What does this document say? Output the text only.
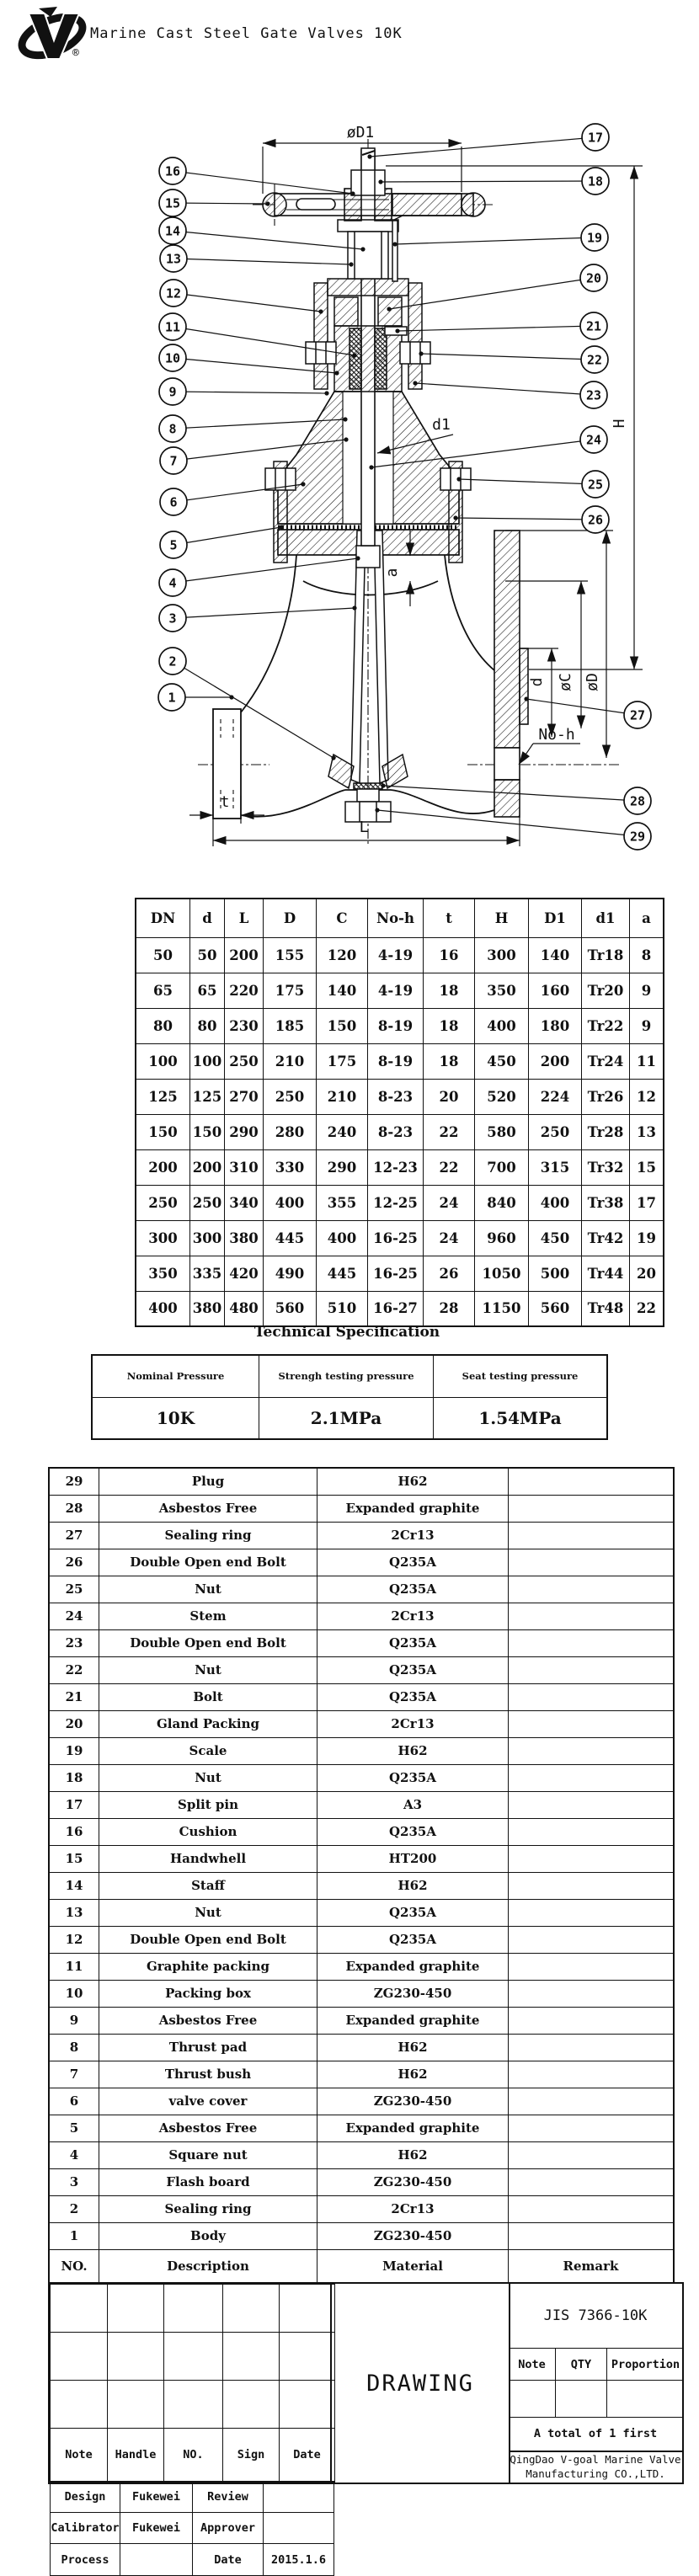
®
Marine Cast Steel Gate Valves 10K
øD1
H
d1
a
d øC øD
No-h
L
t
16
15
14
13
12
11
10
9
8
7
6
5
4
3
2
1
17
18
19
20
21
22
23
24
25
26
27
28
29
DN	d	L	D	C	No-h	t	H	D1	d1	a
50	50	200	155	120	4-19	16	300	140	Tr18	8
65	65	220	175	140	4-19	18	350	160	Tr20	9
80	80	230	185	150	8-19	18	400	180	Tr22	9
100	100	250	210	175	8-19	18	450	200	Tr24	11
125	125	270	250	210	8-23	20	520	224	Tr26	12
150	150	290	280	240	8-23	22	580	250	Tr28	13
200	200	310	330	290	12-23	22	700	315	Tr32	15
250	250	340	400	355	12-25	24	840	400	Tr38	17
300	300	380	445	400	16-25	24	960	450	Tr42	19
350	335	420	490	445	16-25	26	1050	500	Tr44	20
400	380	480	560	510	16-27	28	1150	560	Tr48	22
Technical Specification
Nominal Pressure	Strengh testing pressure	Seat testing pressure
10K	2.1MPa	1.54MPa
29	Plug	H62	
28	Asbestos Free	Expanded graphite	
27	Sealing ring	2Cr13	
26	Double Open end Bolt	Q235A	
25	Nut	Q235A	
24	Stem	2Cr13	
23	Double Open end Bolt	Q235A	
22	Nut	Q235A	
21	Bolt	Q235A	
20	Gland Packing	2Cr13	
19	Scale	H62	
18	Nut	Q235A	
17	Split pin	A3	
16	Cushion	Q235A	
15	Handwhell	HT200	
14	Staff	H62	
13	Nut	Q235A	
12	Double Open end Bolt	Q235A	
11	Graphite packing	Expanded graphite	
10	Packing box	ZG230-450	
9	Asbestos Free	Expanded graphite	
8	Thrust pad	H62	
7	Thrust bush	H62	
6	valve cover	ZG230-450	
5	Asbestos Free	Expanded graphite	
4	Square nut	H62	
3	Flash board	ZG230-450	
2	Sealing ring	2Cr13	
1	Body	ZG230-450	
NO.	Description	Material	Remark

Note	Handle	NO.	Sign	Date
Design	Fukewei	Review	
Calibrator	Fukewei	Approver	
Process		Date	2015.1.6
DRAWING
JIS 7366-10K
Note	QTY	Proportion

A total of 1 first
QingDao V-goal Marine Valve
Manufacturing CO.,LTD.
